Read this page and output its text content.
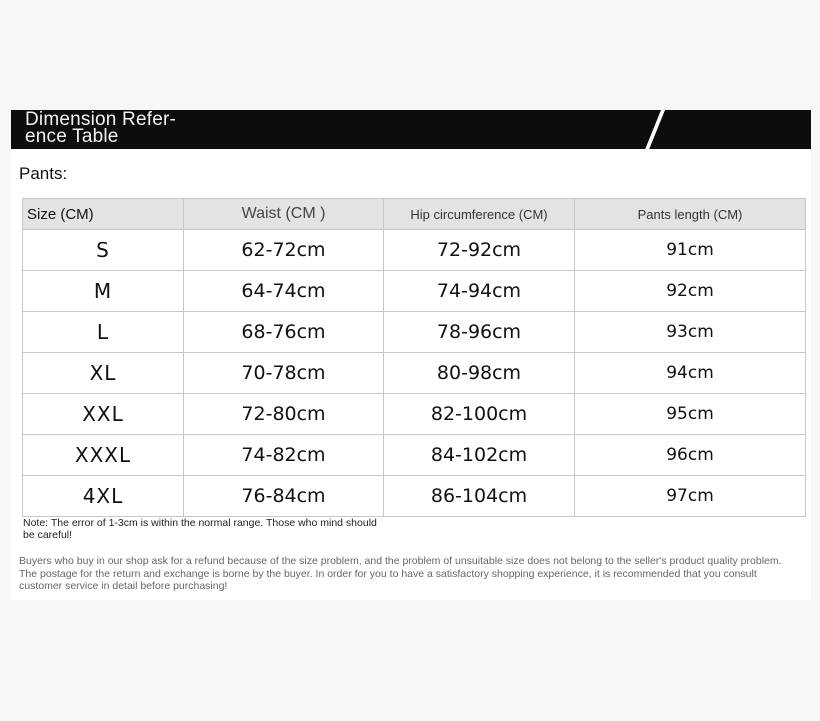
Dimension Refer-ence Table
Pants:
Size (CM)	Waist (CM )	Hip circumference (CM)	Pants length (CM)
S	62-72cm	72-92cm	91cm
M	64-74cm	74-94cm	92cm
L	68-76cm	78-96cm	93cm
XL	70-78cm	80-98cm	94cm
XXL	72-80cm	82-100cm	95cm
XXXL	74-82cm	84-102cm	96cm
4XL	76-84cm	86-104cm	97cm
Note: The error of 1-3cm is within the normal range. Those who mind should be careful!
Buyers who buy in our shop ask for a refund because of the size problem, and the problem of unsuitable size does not belong to the seller's product quality problem. The postage for the return and exchange is borne by the buyer. In order for you to have a satisfactory shopping experience, it is recommended that you consult customer service in detail before purchasing!
